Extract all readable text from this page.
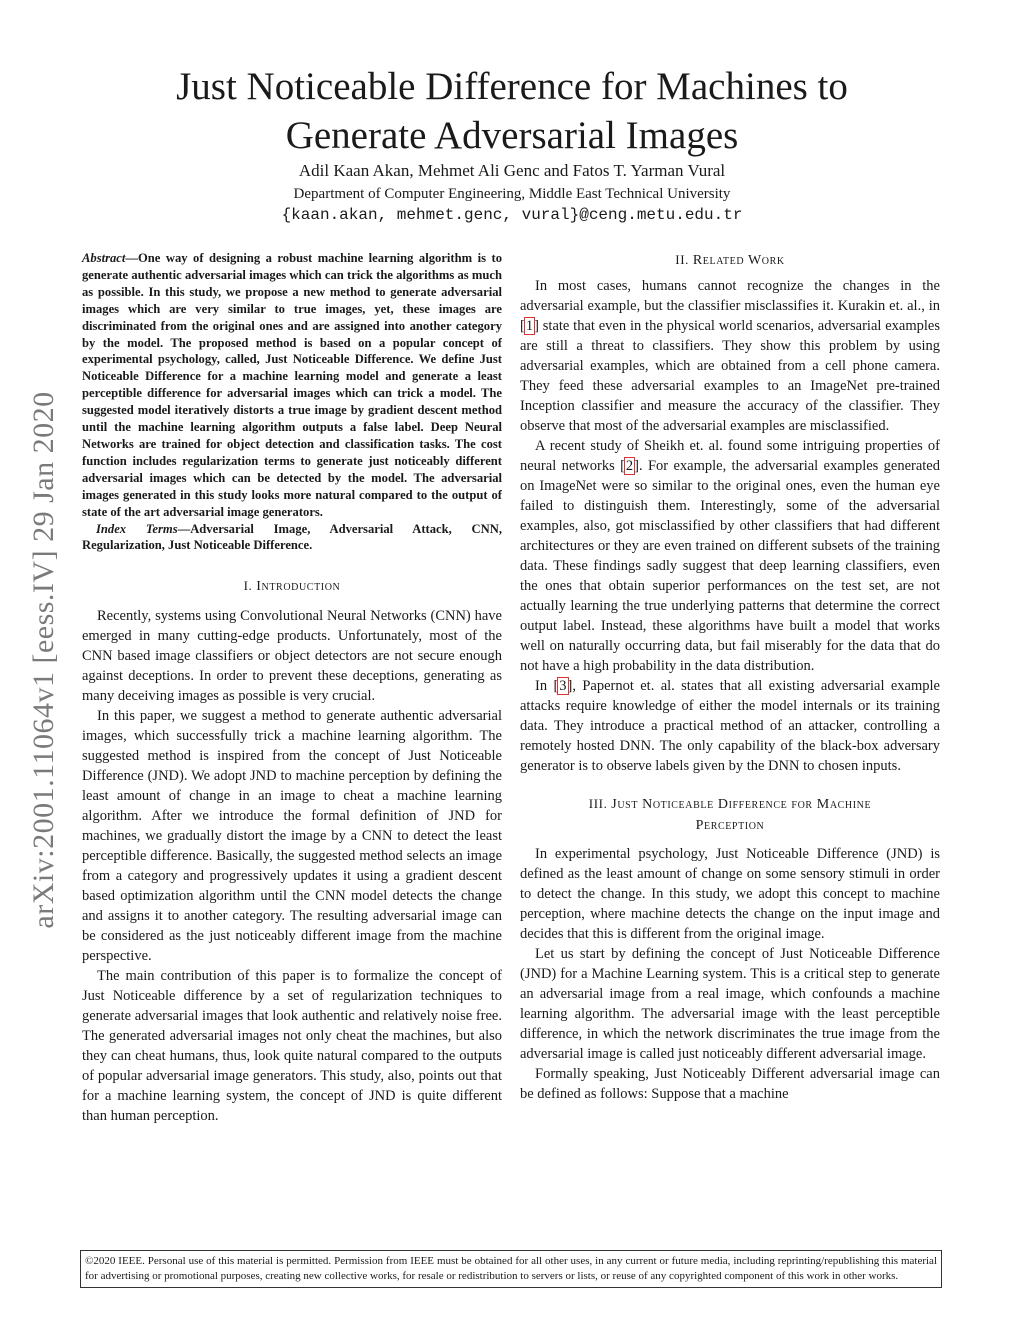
arXiv:2001.11064v1 [eess.IV] 29 Jan 2020
Just Noticeable Difference for Machines to
Generate Adversarial Images
Adil Kaan Akan, Mehmet Ali Genc and Fatos T. Yarman Vural
Department of Computer Engineering, Middle East Technical University
{kaan.akan, mehmet.genc, vural}@ceng.metu.edu.tr

Abstract—One way of designing a robust machine learning algorithm is to generate authentic adversarial images which can trick the algorithms as much as possible. In this study, we propose a new method to generate adversarial images which are very similar to true images, yet, these images are discriminated from the original ones and are assigned into another category by the model. The proposed method is based on a popular concept of experimental psychology, called, Just Noticeable Difference. We define Just Noticeable Difference for a machine learning model and generate a least perceptible difference for adversarial images which can trick a model. The suggested model iteratively distorts a true image by gradient descent method until the machine learning algorithm outputs a false label. Deep Neural Networks are trained for object detection and classification tasks. The cost function includes regularization terms to generate just noticeably different adversarial images which can be detected by the model. The adversarial images generated in this study looks more natural compared to the output of state of the art adversarial image generators.

Index Terms—Adversarial Image, Adversarial Attack, CNN, Regularization, Just Noticeable Difference.

I. Introduction

Recently, systems using Convolutional Neural Networks (CNN) have emerged in many cutting-edge products. Unfortunately, most of the CNN based image classifiers or object detectors are not secure enough against deceptions. In order to prevent these deceptions, generating as many deceiving images as possible is very crucial.

In this paper, we suggest a method to generate authentic adversarial images, which successfully trick a machine learning algorithm. The suggested method is inspired from the concept of Just Noticeable Difference (JND). We adopt JND to machine perception by defining the least amount of change in an image to cheat a machine learning algorithm. After we introduce the formal definition of JND for machines, we gradually distort the image by a CNN to detect the least perceptible difference. Basically, the suggested method selects an image from a category and progressively updates it using a gradient descent based optimization algorithm until the CNN model detects the change and assigns it to another category. The resulting adversarial image can be considered as the just noticeably different image from the machine perspective.

The main contribution of this paper is to formalize the concept of Just Noticeable difference by a set of regularization techniques to generate adversarial images that look authentic and relatively noise free. The generated adversarial images not only cheat the machines, but also they can cheat humans, thus, look quite natural compared to the outputs of popular adversarial image generators. This study, also, points out that for a machine learning system, the concept of JND is quite different than human perception.

II. Related Work

In most cases, humans cannot recognize the changes in the adversarial example, but the classifier misclassifies it. Kurakin et. al., in [1] state that even in the physical world scenarios, adversarial examples are still a threat to classifiers. They show this problem by using adversarial examples, which are obtained from a cell phone camera. They feed these adversarial examples to an ImageNet pre-trained Inception classifier and measure the accuracy of the classifier. They observe that most of the adversarial examples are misclassified.

A recent study of Sheikh et. al. found some intriguing properties of neural networks [2]. For example, the adversarial examples generated on ImageNet were so similar to the original ones, even the human eye failed to distinguish them. Interestingly, some of the adversarial examples, also, got misclassified by other classifiers that had different architectures or they are even trained on different subsets of the training data. These findings sadly suggest that deep learning classifiers, even the ones that obtain superior performances on the test set, are not actually learning the true underlying patterns that determine the correct output label. Instead, these algorithms have built a model that works well on naturally occurring data, but fail miserably for the data that do not have a high probability in the data distribution.

In [3], Papernot et. al. states that all existing adversarial example attacks require knowledge of either the model internals or its training data. They introduce a practical method of an attacker, controlling a remotely hosted DNN. The only capability of the black-box adversary generator is to observe labels given by the DNN to chosen inputs.

III. Just Noticeable Difference for Machine
Perception

In experimental psychology, Just Noticeable Difference (JND) is defined as the least amount of change on some sensory stimuli in order to detect the change. In this study, we adopt this concept to machine perception, where machine detects the change on the input image and decides that this is different from the original image.

Let us start by defining the concept of Just Noticeable Difference (JND) for a Machine Learning system. This is a critical step to generate an adversarial image from a real image, which confounds a machine learning algorithm. The adversarial image with the least perceptible difference, in which the network discriminates the true image from the adversarial image is called just noticeably different adversarial image.

Formally speaking, Just Noticeably Different adversarial image can be defined as follows: Suppose that a machine

©2020 IEEE. Personal use of this material is permitted. Permission from IEEE must be obtained for all other uses, in any current or future media, including reprinting/republishing this material for advertising or promotional purposes, creating new collective works, for resale or redistribution to servers or lists, or reuse of any copyrighted component of this work in other works.
